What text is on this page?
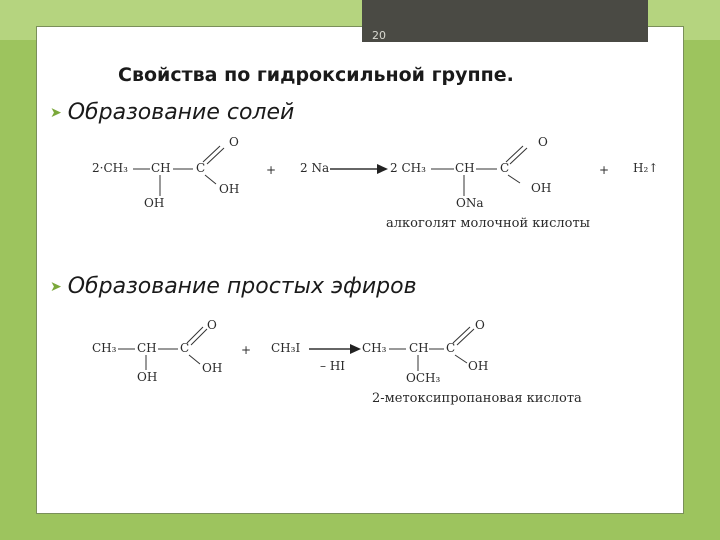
20
Свойства по гидроксильной группе.
➤ Образование солей
➤ Образование простых эфиров
2·CH₃ CH C
O
OH
OH
+ 2 Na	2 CH₃ CH C
O
OH
ONa
+ H₂↑
алкоголят молочной кислоты
CH₃ CH C
O
OH
OH
+ CH₃I
– HI
CH₃ CH C
O
OH
OCH₃
2-метоксипропановая кислота
